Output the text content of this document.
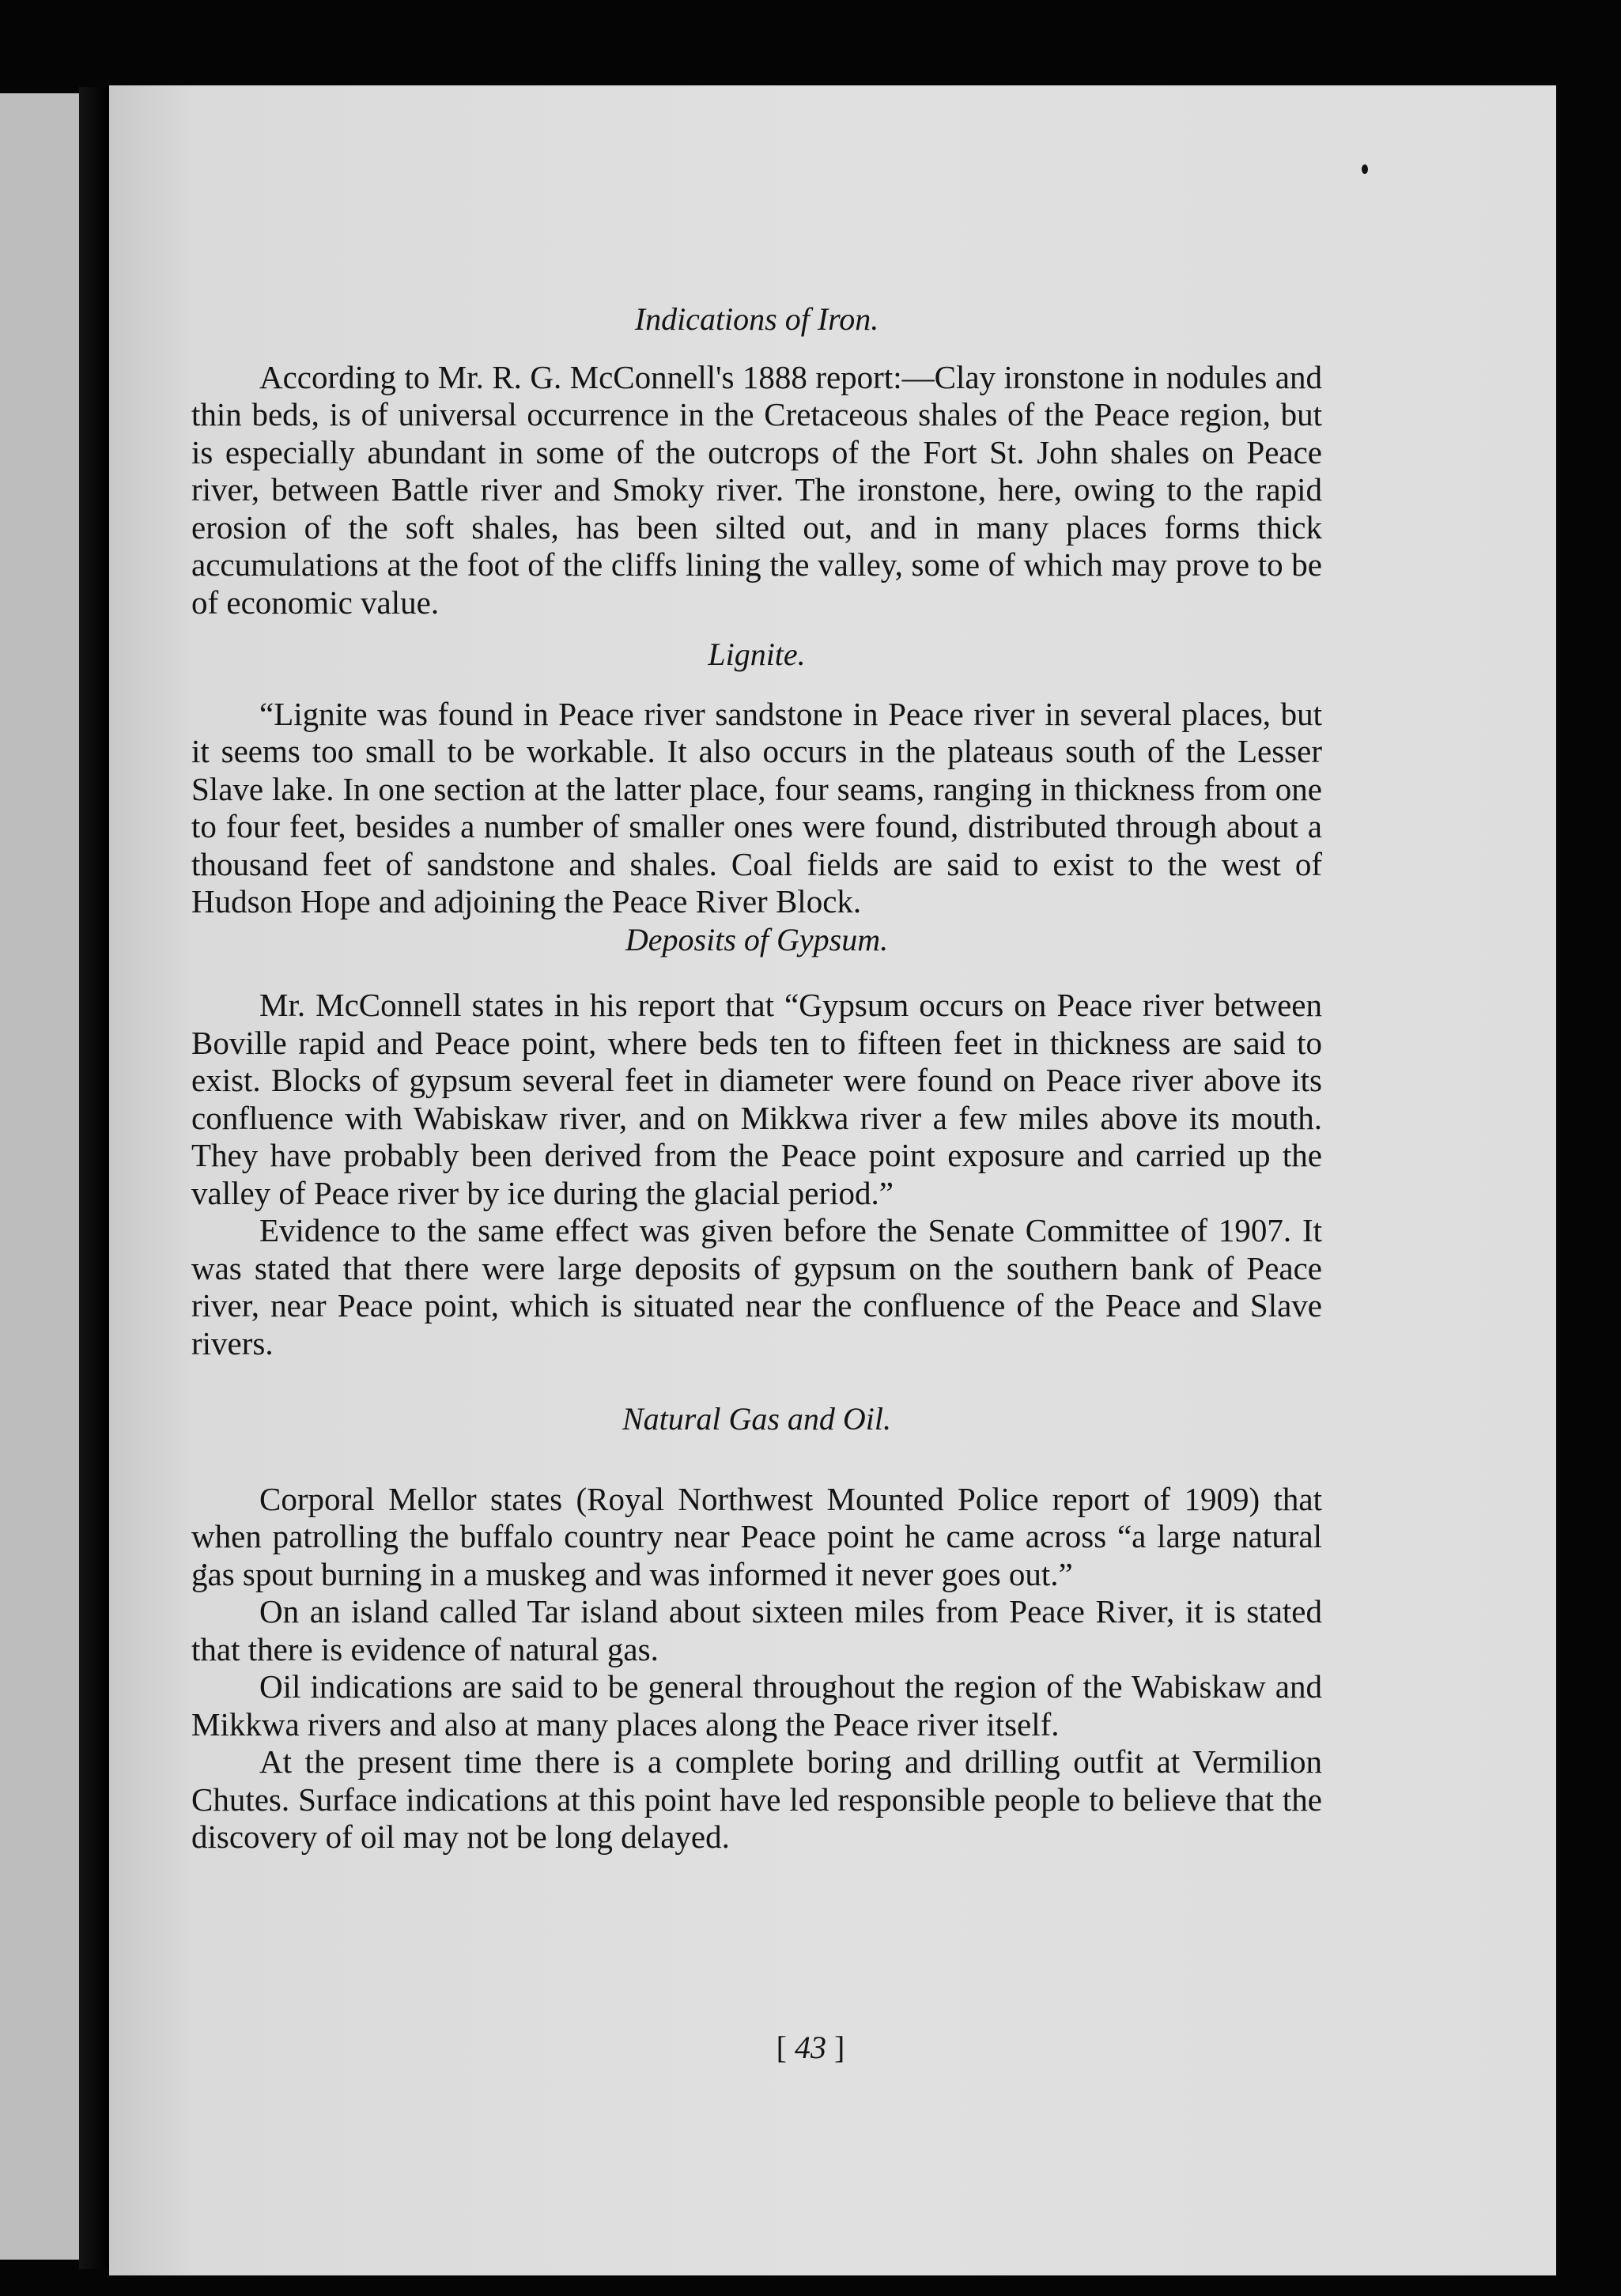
Indications of Iron.

According to Mr. R. G. McConnell's 1888 report:—Clay ironstone in nodules and thin beds, is of universal occurrence in the Cretaceous shales of the Peace region, but is especially abundant in some of the outcrops of the Fort St. John shales on Peace river, between Battle river and Smoky river. The ironstone, here, owing to the rapid erosion of the soft shales, has been silted out, and in many places forms thick accumulations at the foot of the cliffs lining the valley, some of which may prove to be of economic value.

Lignite.

“Lignite was found in Peace river sandstone in Peace river in several places, but it seems too small to be workable. It also occurs in the plateaus south of the Lesser Slave lake. In one section at the latter place, four seams, ranging in thickness from one to four feet, besides a number of smaller ones were found, distributed through about a thousand feet of sandstone and shales. Coal fields are said to exist to the west of Hudson Hope and adjoining the Peace River Block.

Deposits of Gypsum.

Mr. McConnell states in his report that “Gypsum occurs on Peace river between Boville rapid and Peace point, where beds ten to fifteen feet in thickness are said to exist. Blocks of gypsum several feet in diameter were found on Peace river above its confluence with Wabiskaw river, and on Mikkwa river a few miles above its mouth. They have probably been derived from the Peace point exposure and carried up the valley of Peace river by ice during the glacial period.”

Evidence to the same effect was given before the Senate Committee of 1907. It was stated that there were large deposits of gypsum on the southern bank of Peace river, near Peace point, which is situated near the confluence of the Peace and Slave rivers.

Natural Gas and Oil.

Corporal Mellor states (Royal Northwest Mounted Police report of 1909) that when patrolling the buffalo country near Peace point he came across “a large natural gas spout burning in a muskeg and was informed it never goes out.”

On an island called Tar island about sixteen miles from Peace River, it is stated that there is evidence of natural gas.

Oil indications are said to be general throughout the region of the Wabiskaw and Mikkwa rivers and also at many places along the Peace river itself.

At the present time there is a complete boring and drilling outfit at Vermilion Chutes. Surface indications at this point have led responsible people to believe that the discovery of oil may not be long delayed.

[ 43 ]
